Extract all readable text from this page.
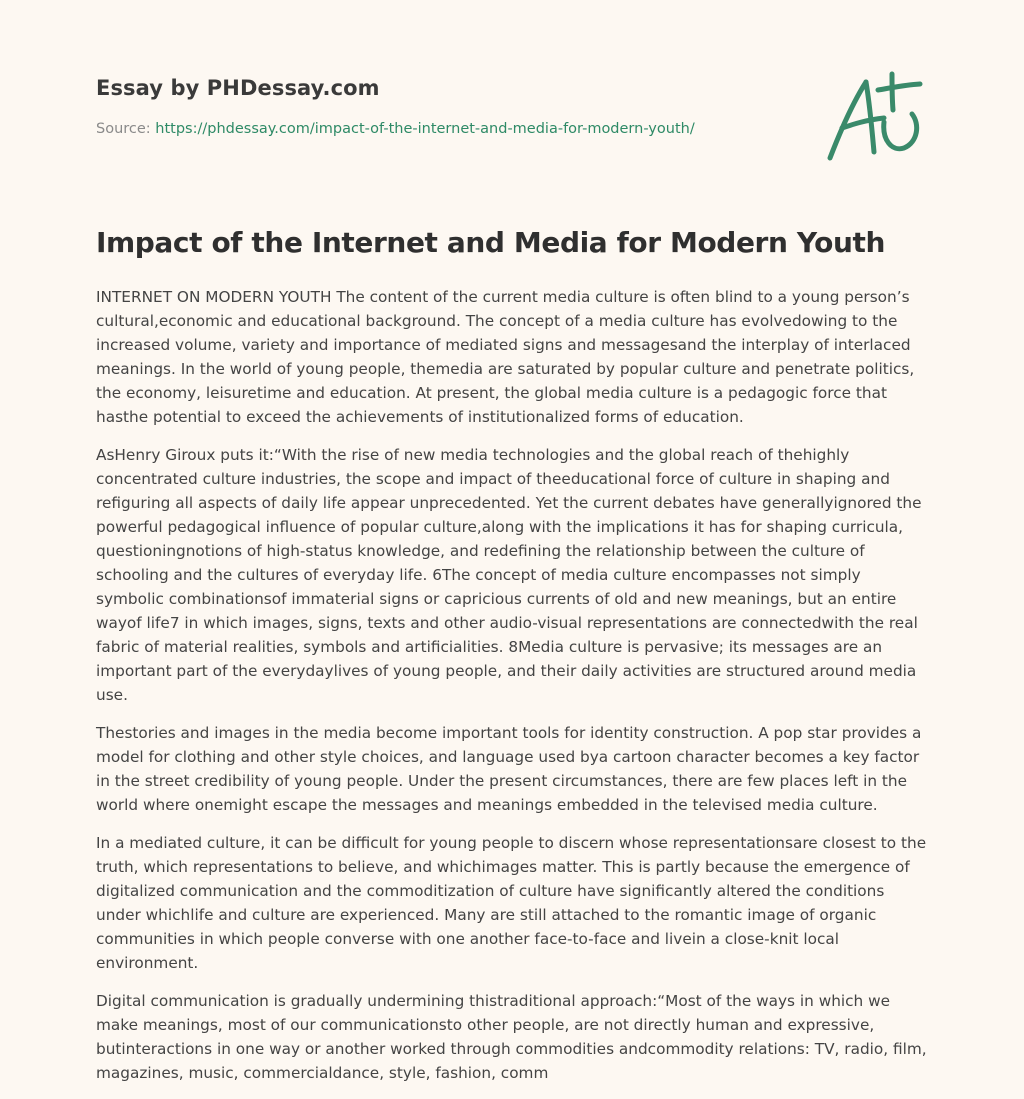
Essay by PHDessay.com
Source: https://phdessay.com/impact-of-the-internet-and-media-for-modern-youth/
Impact of the Internet and Media for Modern Youth

INTERNET ON MODERN YOUTH The content of the current media culture is often blind to a young person’s cultural,economic and educational background. The concept of a media culture has evolvedowing to the increased volume, variety and importance of mediated signs and messagesand the interplay of interlaced meanings. In the world of young people, themedia are saturated by popular culture and penetrate politics, the economy, leisuretime and education. At present, the global media culture is a pedagogic force that hasthe potential to exceed the achievements of institutionalized forms of education.

AsHenry Giroux puts it:“With the rise of new media technologies and the global reach of thehighly concentrated culture industries, the scope and impact of theeducational force of culture in shaping and refiguring all aspects of daily life appear unprecedented. Yet the current debates have generallyignored the powerful pedagogical influence of popular culture,along with the implications it has for shaping curricula, questioningnotions of high-status knowledge, and redefining the relationship between the culture of schooling and the cultures of everyday life. 6The concept of media culture encompasses not simply symbolic combinationsof immaterial signs or capricious currents of old and new meanings, but an entire wayof life7 in which images, signs, texts and other audio-visual representations are connectedwith the real fabric of material realities, symbols and artificialities. 8Media culture is pervasive; its messages are an important part of the everydaylives of young people, and their daily activities are structured around media use.

Thestories and images in the media become important tools for identity construction. A pop star provides a model for clothing and other style choices, and language used bya cartoon character becomes a key factor in the street credibility of young people. Under the present circumstances, there are few places left in the world where onemight escape the messages and meanings embedded in the televised media culture.

In a mediated culture, it can be difficult for young people to discern whose representationsare closest to the truth, which representations to believe, and whichimages matter. This is partly because the emergence of digitalized communication and the commoditization of culture have significantly altered the conditions under whichlife and culture are experienced. Many are still attached to the romantic image of organic communities in which people converse with one another face-to-face and livein a close-knit local environment.

Digital communication is gradually undermining thistraditional approach:“Most of the ways in which we make meanings, most of our communicationsto other people, are not directly human and expressive, butinteractions in one way or another worked through commodities andcommodity relations: TV, radio, film, magazines, music, commercialdance, style, fashion, comm
